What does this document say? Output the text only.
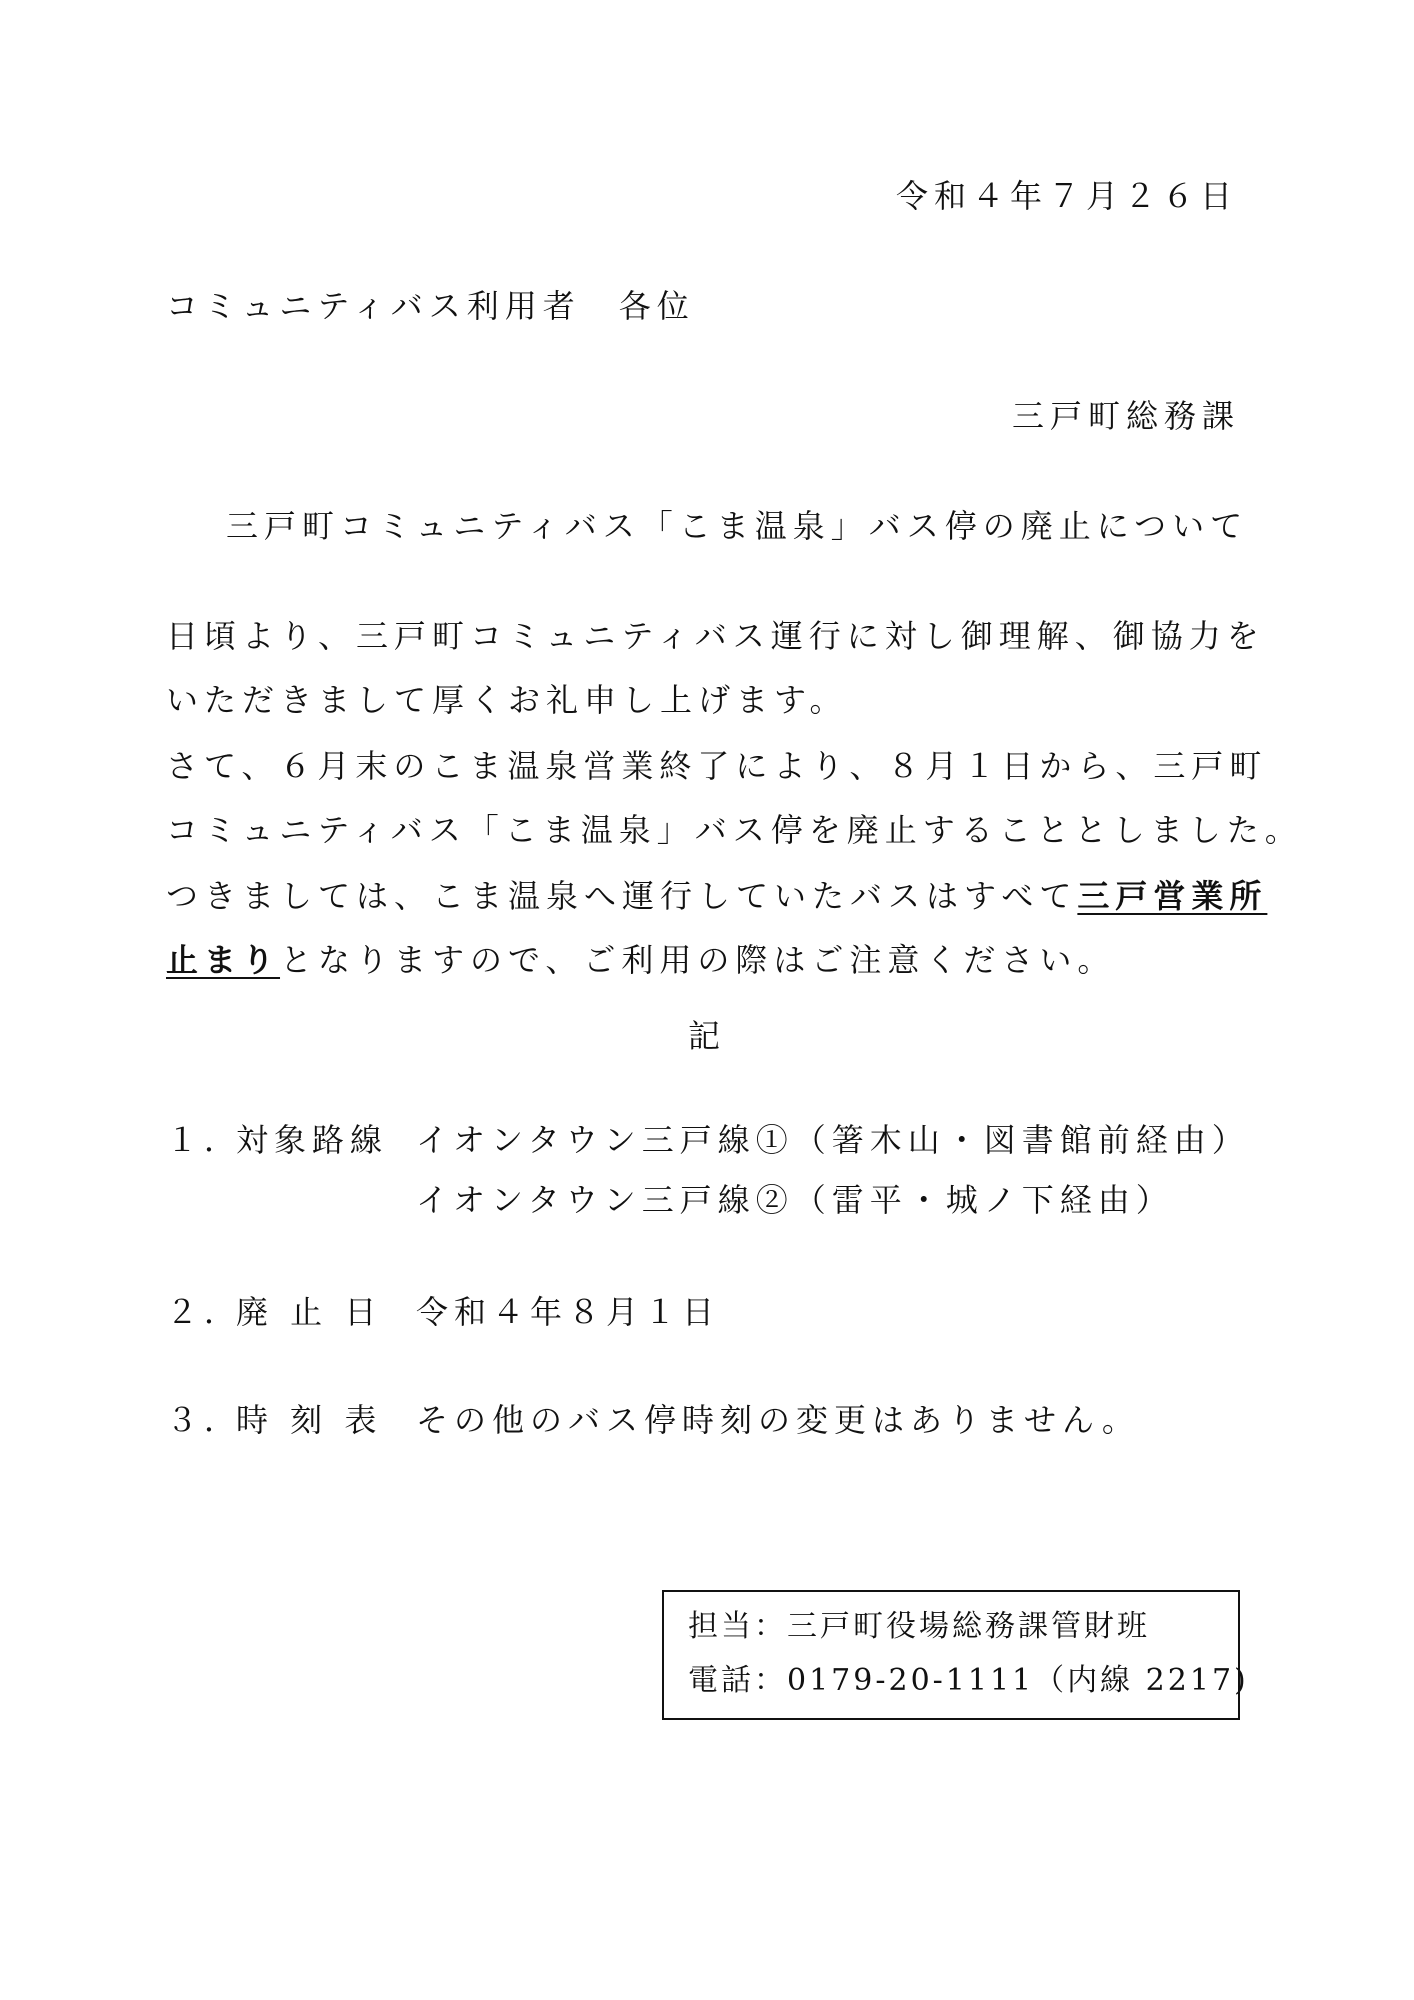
令和４年７月２６日
コミュニティバス利用者　各位
三戸町総務課
三戸町コミュニティバス「こま温泉」バス停の廃止について
日頃より、三戸町コミュニティバス運行に対し御理解、御協力を
いただきまして厚くお礼申し上げます。
さて、６月末のこま温泉営業終了により、８月１日から、三戸町
コミュニティバス「こま温泉」バス停を廃止することとしました。
つきましては、こま温泉へ運行していたバスはすべて三戸営業所
止まりとなりますので、ご利用の際はご注意ください。
記
１．
対象路線 イオンタウン三戸線①（箸木山・図書館前経由）
イオンタウン三戸線②（雷平・城ノ下経由）
２．
廃 止 日 令和４年８月１日
３．
時 刻 表 その他のバス停時刻の変更はありません。
担当：三戸町役場総務課管財班
電話：0179-20-1111（内線 2217)
